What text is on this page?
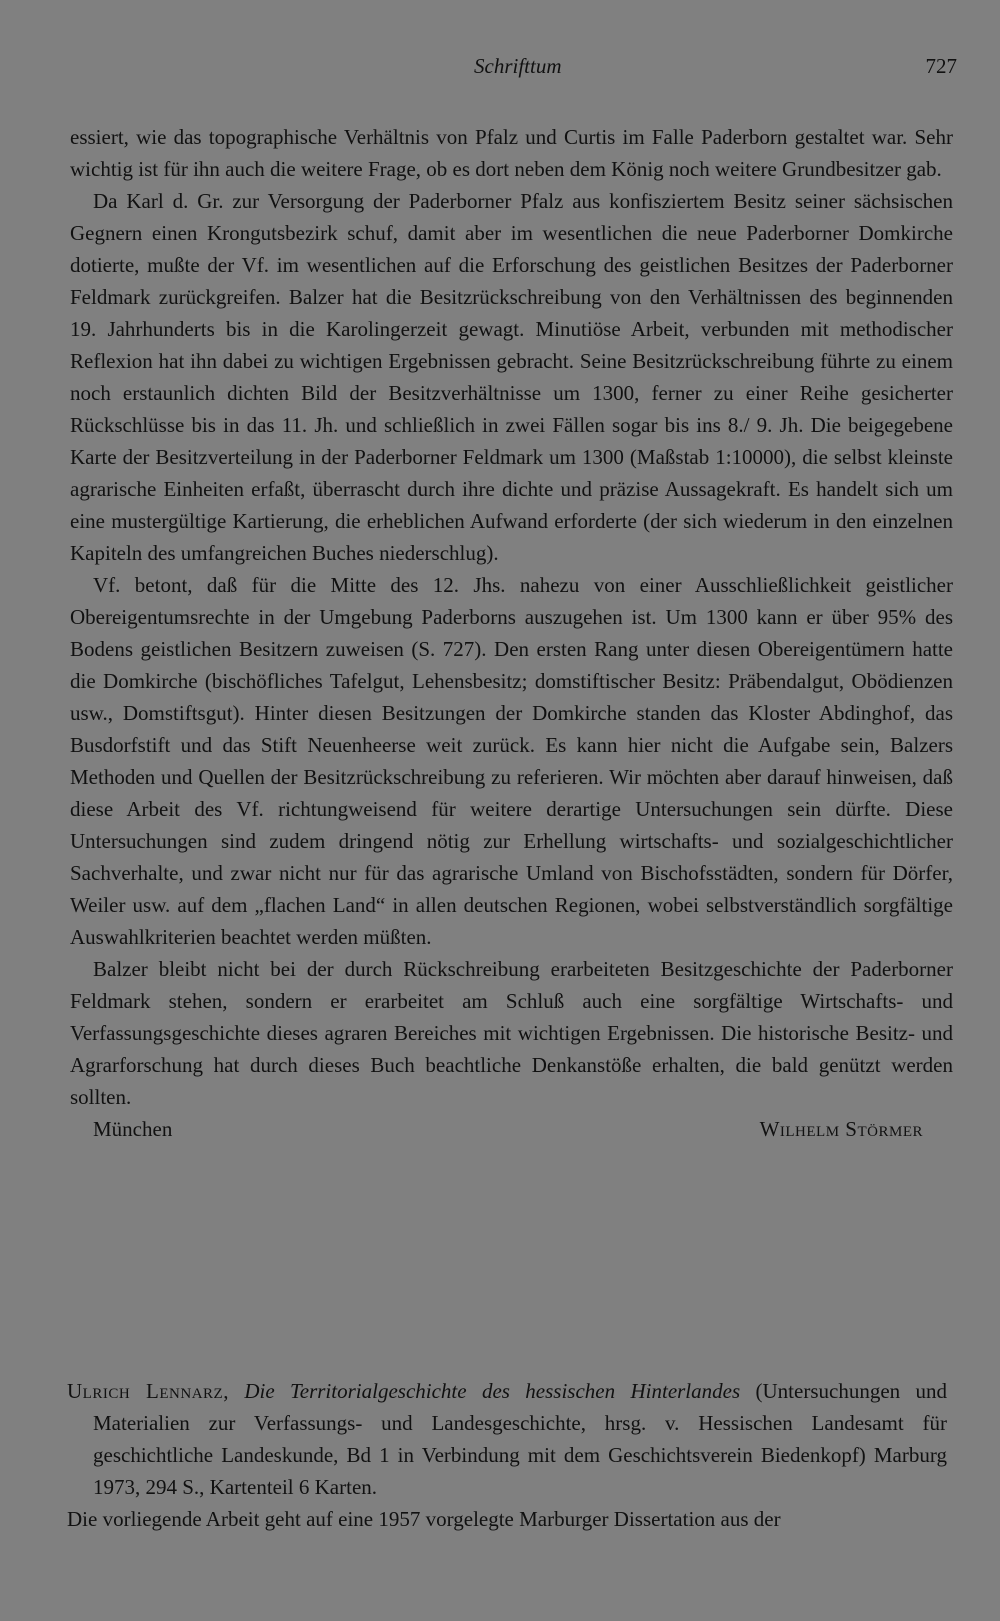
Schrifttum	727

essiert, wie das topographische Verhältnis von Pfalz und Curtis im Falle Paderborn gestaltet war. Sehr wichtig ist für ihn auch die weitere Frage, ob es dort neben dem König noch weitere Grundbesitzer gab.

Da Karl d. Gr. zur Versorgung der Paderborner Pfalz aus konfisziertem Besitz seiner sächsischen Gegnern einen Krongutsbezirk schuf, damit aber im wesentlichen die neue Paderborner Domkirche dotierte, mußte der Vf. im wesentlichen auf die Erforschung des geistlichen Besitzes der Paderborner Feldmark zurückgreifen. Balzer hat die Besitzrückschreibung von den Verhältnissen des beginnenden 19. Jahrhunderts bis in die Karolingerzeit gewagt. Minutiöse Arbeit, verbunden mit methodischer Reflexion hat ihn dabei zu wichtigen Ergebnissen gebracht. Seine Besitzrückschreibung führte zu einem noch erstaunlich dichten Bild der Besitzverhältnisse um 1300, ferner zu einer Reihe gesicherter Rückschlüsse bis in das 11. Jh. und schließlich in zwei Fällen sogar bis ins 8./ 9. Jh. Die beigegebene Karte der Besitzverteilung in der Paderborner Feldmark um 1300 (Maßstab 1:10000), die selbst kleinste agrarische Einheiten erfaßt, überrascht durch ihre dichte und präzise Aussagekraft. Es handelt sich um eine mustergültige Kartierung, die erheblichen Aufwand erforderte (der sich wiederum in den einzelnen Kapiteln des umfangreichen Buches niederschlug).

Vf. betont, daß für die Mitte des 12. Jhs. nahezu von einer Ausschließlichkeit geistlicher Obereigentumsrechte in der Umgebung Paderborns auszugehen ist. Um 1300 kann er über 95% des Bodens geistlichen Besitzern zuweisen (S. 727). Den ersten Rang unter diesen Obereigentümern hatte die Domkirche (bischöfliches Tafelgut, Lehensbesitz; domstiftischer Besitz: Präbendalgut, Obödienzen usw., Domstiftsgut). Hinter diesen Besitzungen der Domkirche standen das Kloster Abdinghof, das Busdorfstift und das Stift Neuenheerse weit zurück. Es kann hier nicht die Aufgabe sein, Balzers Methoden und Quellen der Besitzrückschreibung zu referieren. Wir möchten aber darauf hinweisen, daß diese Arbeit des Vf. richtungweisend für weitere derartige Untersuchungen sein dürfte. Diese Untersuchungen sind zudem dringend nötig zur Erhellung wirtschafts- und sozialgeschichtlicher Sachverhalte, und zwar nicht nur für das agrarische Umland von Bischofsstädten, sondern für Dörfer, Weiler usw. auf dem „flachen Land“ in allen deutschen Regionen, wobei selbstverständlich sorgfältige Auswahlkriterien beachtet werden müßten.

Balzer bleibt nicht bei der durch Rückschreibung erarbeiteten Besitzgeschichte der Paderborner Feldmark stehen, sondern er erarbeitet am Schluß auch eine sorgfältige Wirtschafts- und Verfassungsgeschichte dieses agraren Bereiches mit wichtigen Ergebnissen. Die historische Besitz- und Agrarforschung hat durch dieses Buch beachtliche Denkanstöße erhalten, die bald genützt werden sollten.

München	Wilhelm Störmer

Ulrich Lennarz, Die Territorialgeschichte des hessischen Hinterlandes (Untersuchungen und Materialien zur Verfassungs- und Landesgeschichte, hrsg. v. Hessischen Landesamt für geschichtliche Landeskunde, Bd 1 in Verbindung mit dem Geschichtsverein Biedenkopf) Marburg 1973, 294 S., Kartenteil 6 Karten.

Die vorliegende Arbeit geht auf eine 1957 vorgelegte Marburger Dissertation aus der
